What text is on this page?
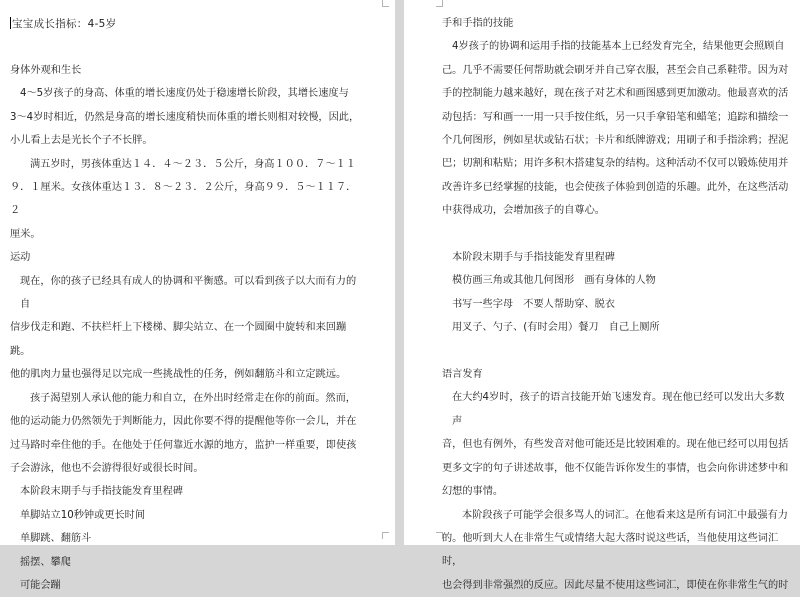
宝宝成长指标：4-5岁

身体外观和生长

4～5岁孩子的身高、体重的增长速度仍处于稳速增长阶段，其增长速度与

3～4岁时相近，仍然是身高的增长速度稍快而体重的增长则相对较慢，因此，

小儿看上去是光长个子不长胖。

满五岁时，男孩体重达１４．４～２３．５公斤，身高１００．７～１１

９．１厘米。女孩体重达１３．８～２３．２公斤，身高９９．５～１１７．２

厘米。

运动

现在，你的孩子已经具有成人的协调和平衡感。可以看到孩子以大而有力的自

信步伐走和跑、不扶栏杆上下楼梯、脚尖站立、在一个圆圈中旋转和来回蹦跳。

他的肌肉力量也强得足以完成一些挑战性的任务，例如翻筋斗和立定跳远。

孩子渴望别人承认他的能力和自立，在外出时经常走在你的前面。然而，

他的运动能力仍然领先于判断能力，因此你要不得的提醒他等你一会儿，并在

过马路时牵住他的手。在他处于任何靠近水源的地方，监护一样重要，即使孩

子会游泳，他也不会游得很好或很长时间。

本阶段末期手与手指技能发育里程碑

单脚站立10秒钟或更长时间

单脚跳、翻筋斗

摇摆、攀爬

可能会蹦

手和手指的技能

4岁孩子的协调和运用手指的技能基本上已经发育完全，结果他更会照顾自

己。几乎不需要任何帮助就会刷牙并自己穿衣服，甚至会自己系鞋带。因为对

手的控制能力越来越好，现在孩子对艺术和画图感到更加激动。他最喜欢的活

动包括：写和画一一用一只手按住纸，另一只手拿铅笔和蜡笔；追踪和描绘一

个几何图形，例如星状或钻石状；卡片和纸牌游戏；用刷子和手指涂鸦；捏泥

巴；切割和粘贴；用许多积木搭建复杂的结构。这种活动不仅可以锻炼使用并

改善许多已经掌握的技能，也会使孩子体验到创造的乐趣。此外，在这些活动

中获得成功，会增加孩子的自尊心。

本阶段末期手与手指技能发育里程碑

模仿画三角或其他几何图形　画有身体的人物

书写一些字母　不要人帮助穿、脱衣

用叉子、勺子、(有时会用）餐刀　自己上厕所

语言发育

在大约4岁时，孩子的语言技能开始飞速发育。现在他已经可以发出大多数声

音，但也有例外，有些发音对他可能还是比较困难的。现在他已经可以用包括

更多文字的句子讲述故事，他不仅能告诉你发生的事情，也会向你讲述梦中和

幻想的事情。

本阶段孩子可能学会很多骂人的词汇。在他看来这是所有词汇中最强有力

的。他听到大人在非常生气或情绪大起大落时说这些话，当他使用这些词汇时，

也会得到非常强烈的反应。因此尽量不使用这些词汇，即使在你非常生气的时
